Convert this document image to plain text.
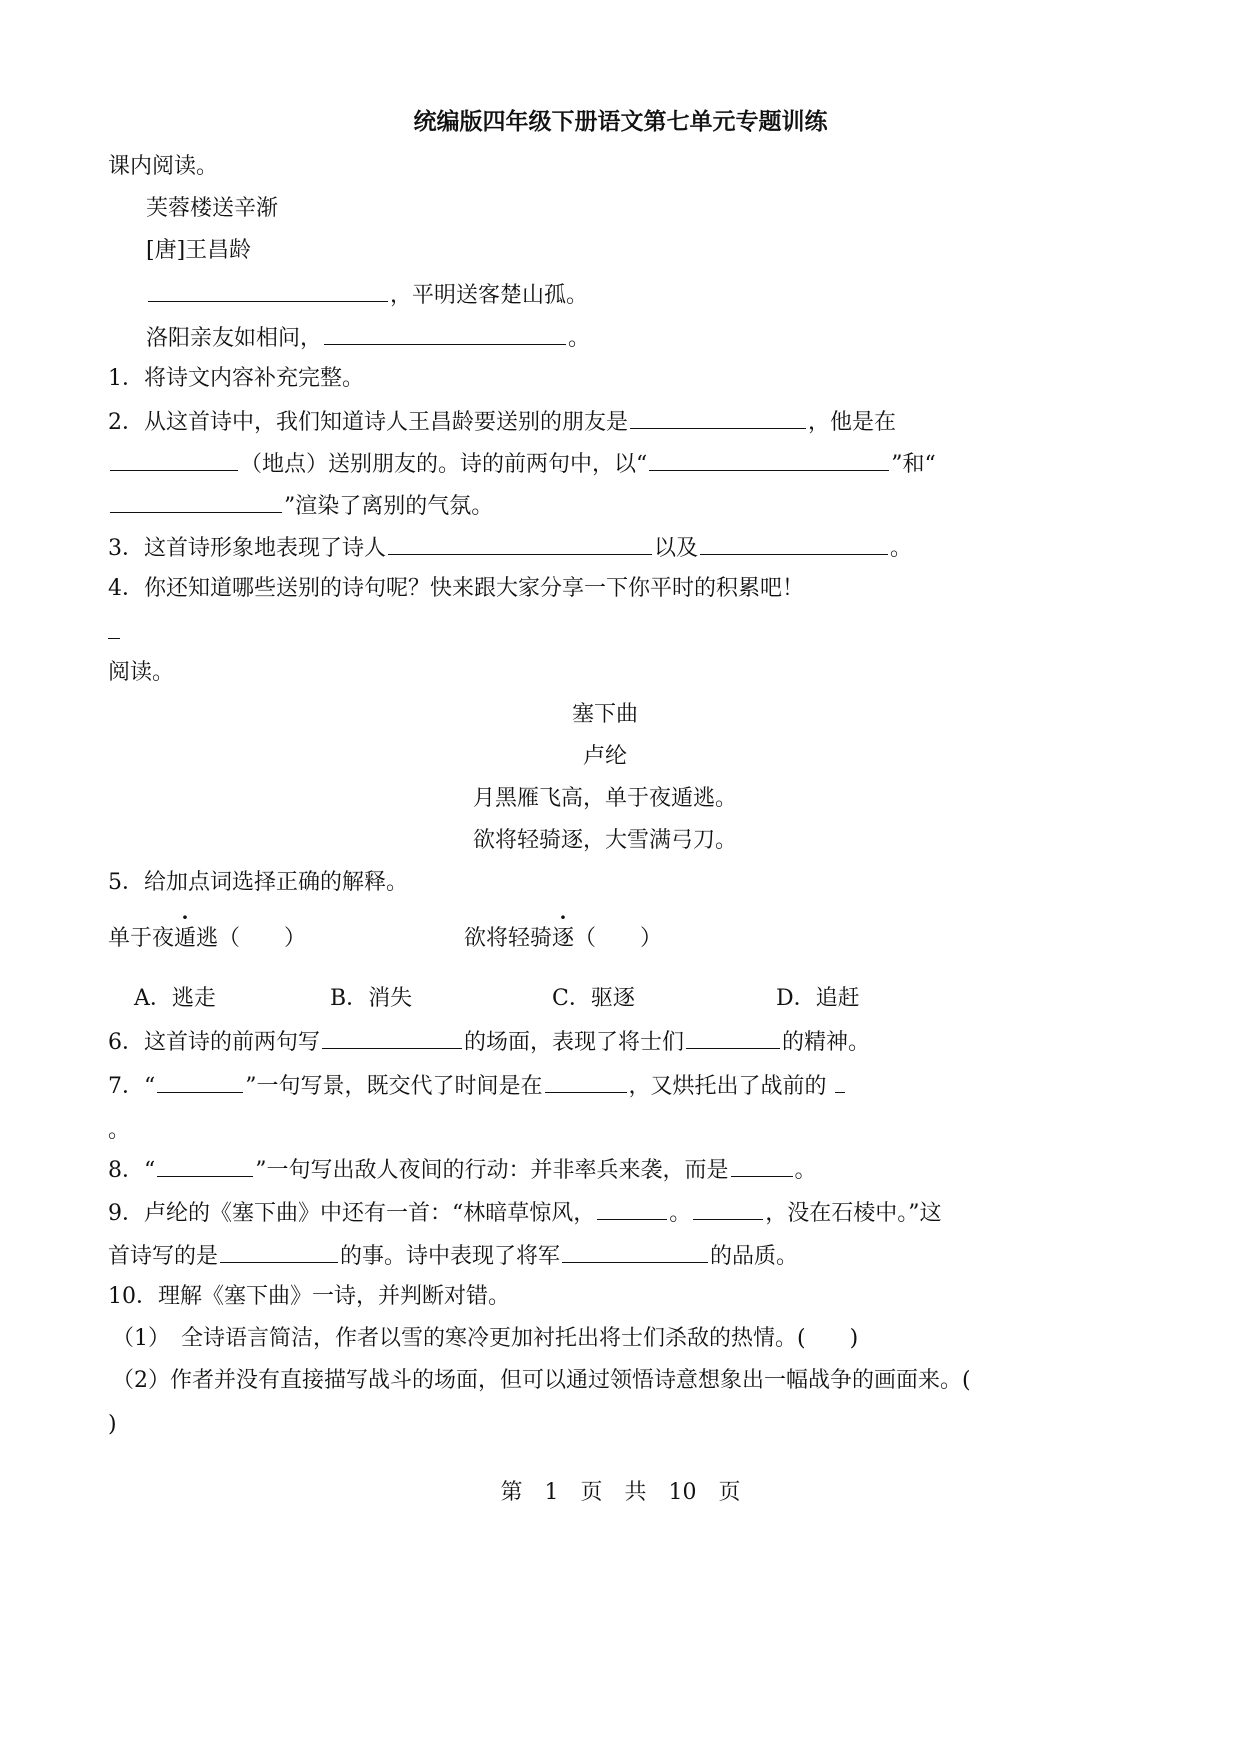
统编版四年级下册语文第七单元专题训练
课内阅读。
芙蓉楼送辛渐
[唐]王昌龄
，平明送客楚山孤。
洛阳亲友如相问，	。
1．将诗文内容补充完整。
2．从这首诗中，我们知道诗人王昌龄要送别的朋友是	，他是在
（地点）送别朋友的。诗的前两句中，以“	”和“
”渲染了离别的气氛。
3．这首诗形象地表现了诗人	以及	。
4．你还知道哪些送别的诗句呢？快来跟大家分享一下你平时的积累吧！
阅读。
塞下曲
卢纶
月黑雁飞高，单于夜遁逃。
欲将轻骑逐，大雪满弓刀。
5．给加点词选择正确的解释。
单于夜遁逃（　　）	欲将轻骑逐（　　）
A．逃走	B．消失	C．驱逐	D．追赶
6．这首诗的前两句写	的场面，表现了将士们	的精神。
7．“	”一句写景，既交代了时间是在	，又烘托出了战前的
。
8．“	”一句写出敌人夜间的行动：并非率兵来袭，而是	。
9．卢纶的《塞下曲》中还有一首：“林暗草惊风，	。	，没在石棱中。”这
首诗写的是	的事。诗中表现了将军	的品质。
10．理解《塞下曲》一诗，并判断对错。
（1）　全诗语言简洁，作者以雪的寒冷更加衬托出将士们杀敌的热情。(　　)
（2）作者并没有直接描写战斗的场面，但可以通过领悟诗意想象出一幅战争的画面来。(
)
第　1　页　共　10　页
